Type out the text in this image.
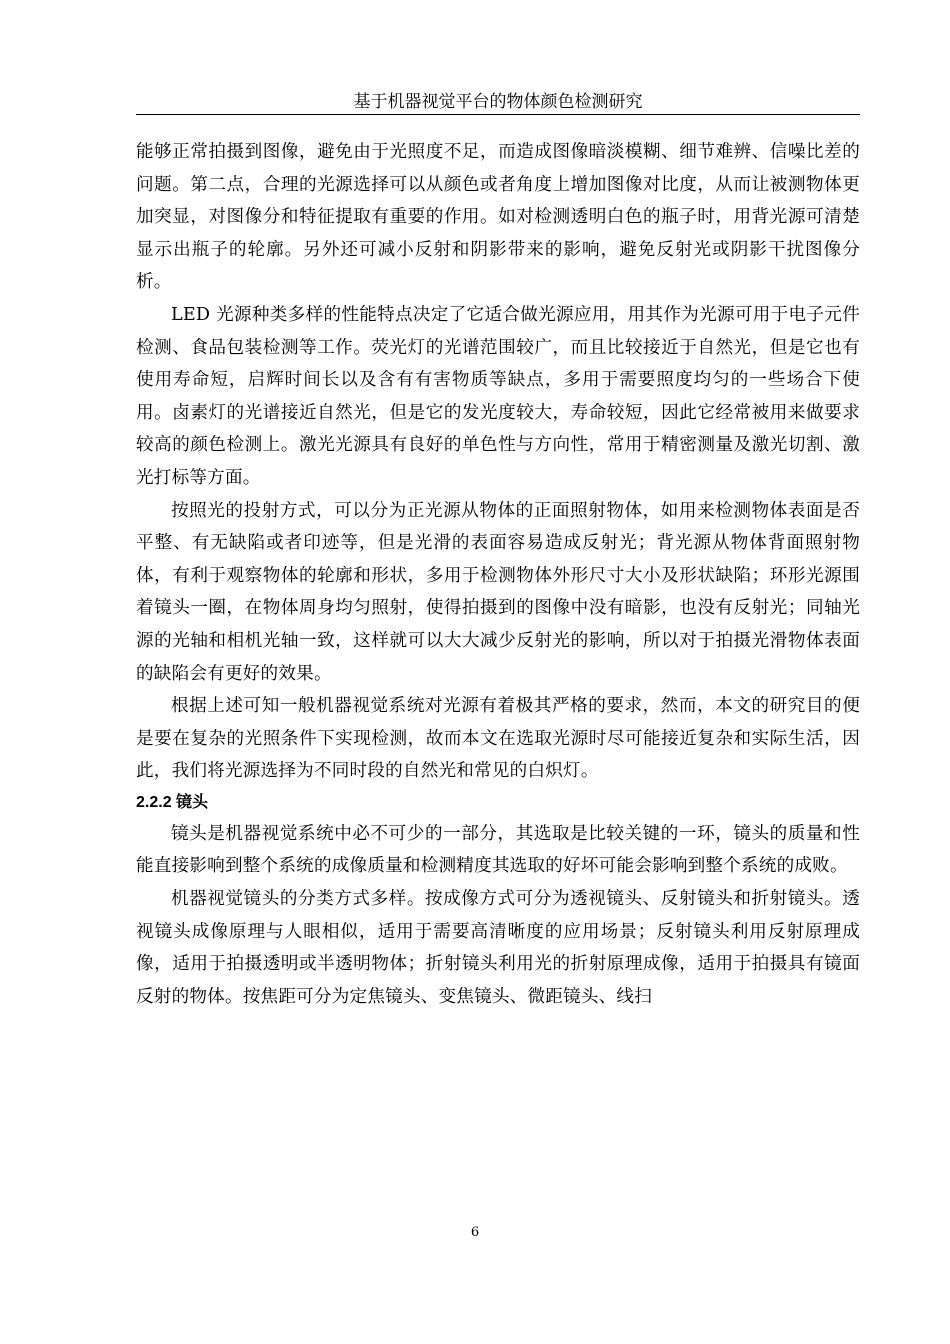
基于机器视觉平台的物体颜色检测研究

能够正常拍摄到图像，避免由于光照度不足，而造成图像暗淡模糊、细节难辨、信噪比差的问题。第二点，合理的光源选择可以从颜色或者角度上增加图像对比度，从而让被测物体更加突显，对图像分和特征提取有重要的作用。如对检测透明白色的瓶子时，用背光源可清楚显示出瓶子的轮廓。另外还可减小反射和阴影带来的影响，避免反射光或阴影干扰图像分析。

LED 光源种类多样的性能特点决定了它适合做光源应用，用其作为光源可用于电子元件检测、食品包装检测等工作。荧光灯的光谱范围较广，而且比较接近于自然光，但是它也有使用寿命短，启辉时间长以及含有有害物质等缺点，多用于需要照度均匀的一些场合下使用。卤素灯的光谱接近自然光，但是它的发光度较大，寿命较短，因此它经常被用来做要求较高的颜色检测上。激光光源具有良好的单色性与方向性，常用于精密测量及激光切割、激光打标等方面。

按照光的投射方式，可以分为正光源从物体的正面照射物体，如用来检测物体表面是否平整、有无缺陷或者印迹等，但是光滑的表面容易造成反射光；背光源从物体背面照射物体，有利于观察物体的轮廓和形状，多用于检测物体外形尺寸大小及形状缺陷；环形光源围着镜头一圈，在物体周身均匀照射，使得拍摄到的图像中没有暗影，也没有反射光；同轴光源的光轴和相机光轴一致，这样就可以大大减少反射光的影响，所以对于拍摄光滑物体表面的缺陷会有更好的效果。

根据上述可知一般机器视觉系统对光源有着极其严格的要求，然而，本文的研究目的便是要在复杂的光照条件下实现检测，故而本文在选取光源时尽可能接近复杂和实际生活，因此，我们将光源选择为不同时段的自然光和常见的白炽灯。

2.2.2 镜头

镜头是机器视觉系统中必不可少的一部分，其选取是比较关键的一环，镜头的质量和性能直接影响到整个系统的成像质量和检测精度其选取的好坏可能会影响到整个系统的成败。

机器视觉镜头的分类方式多样。按成像方式可分为透视镜头、反射镜头和折射镜头。透视镜头成像原理与人眼相似，适用于需要高清晰度的应用场景；反射镜头利用反射原理成像，适用于拍摄透明或半透明物体；折射镜头利用光的折射原理成像，适用于拍摄具有镜面反射的物体。按焦距可分为定焦镜头、变焦镜头、微距镜头、线扫

6
